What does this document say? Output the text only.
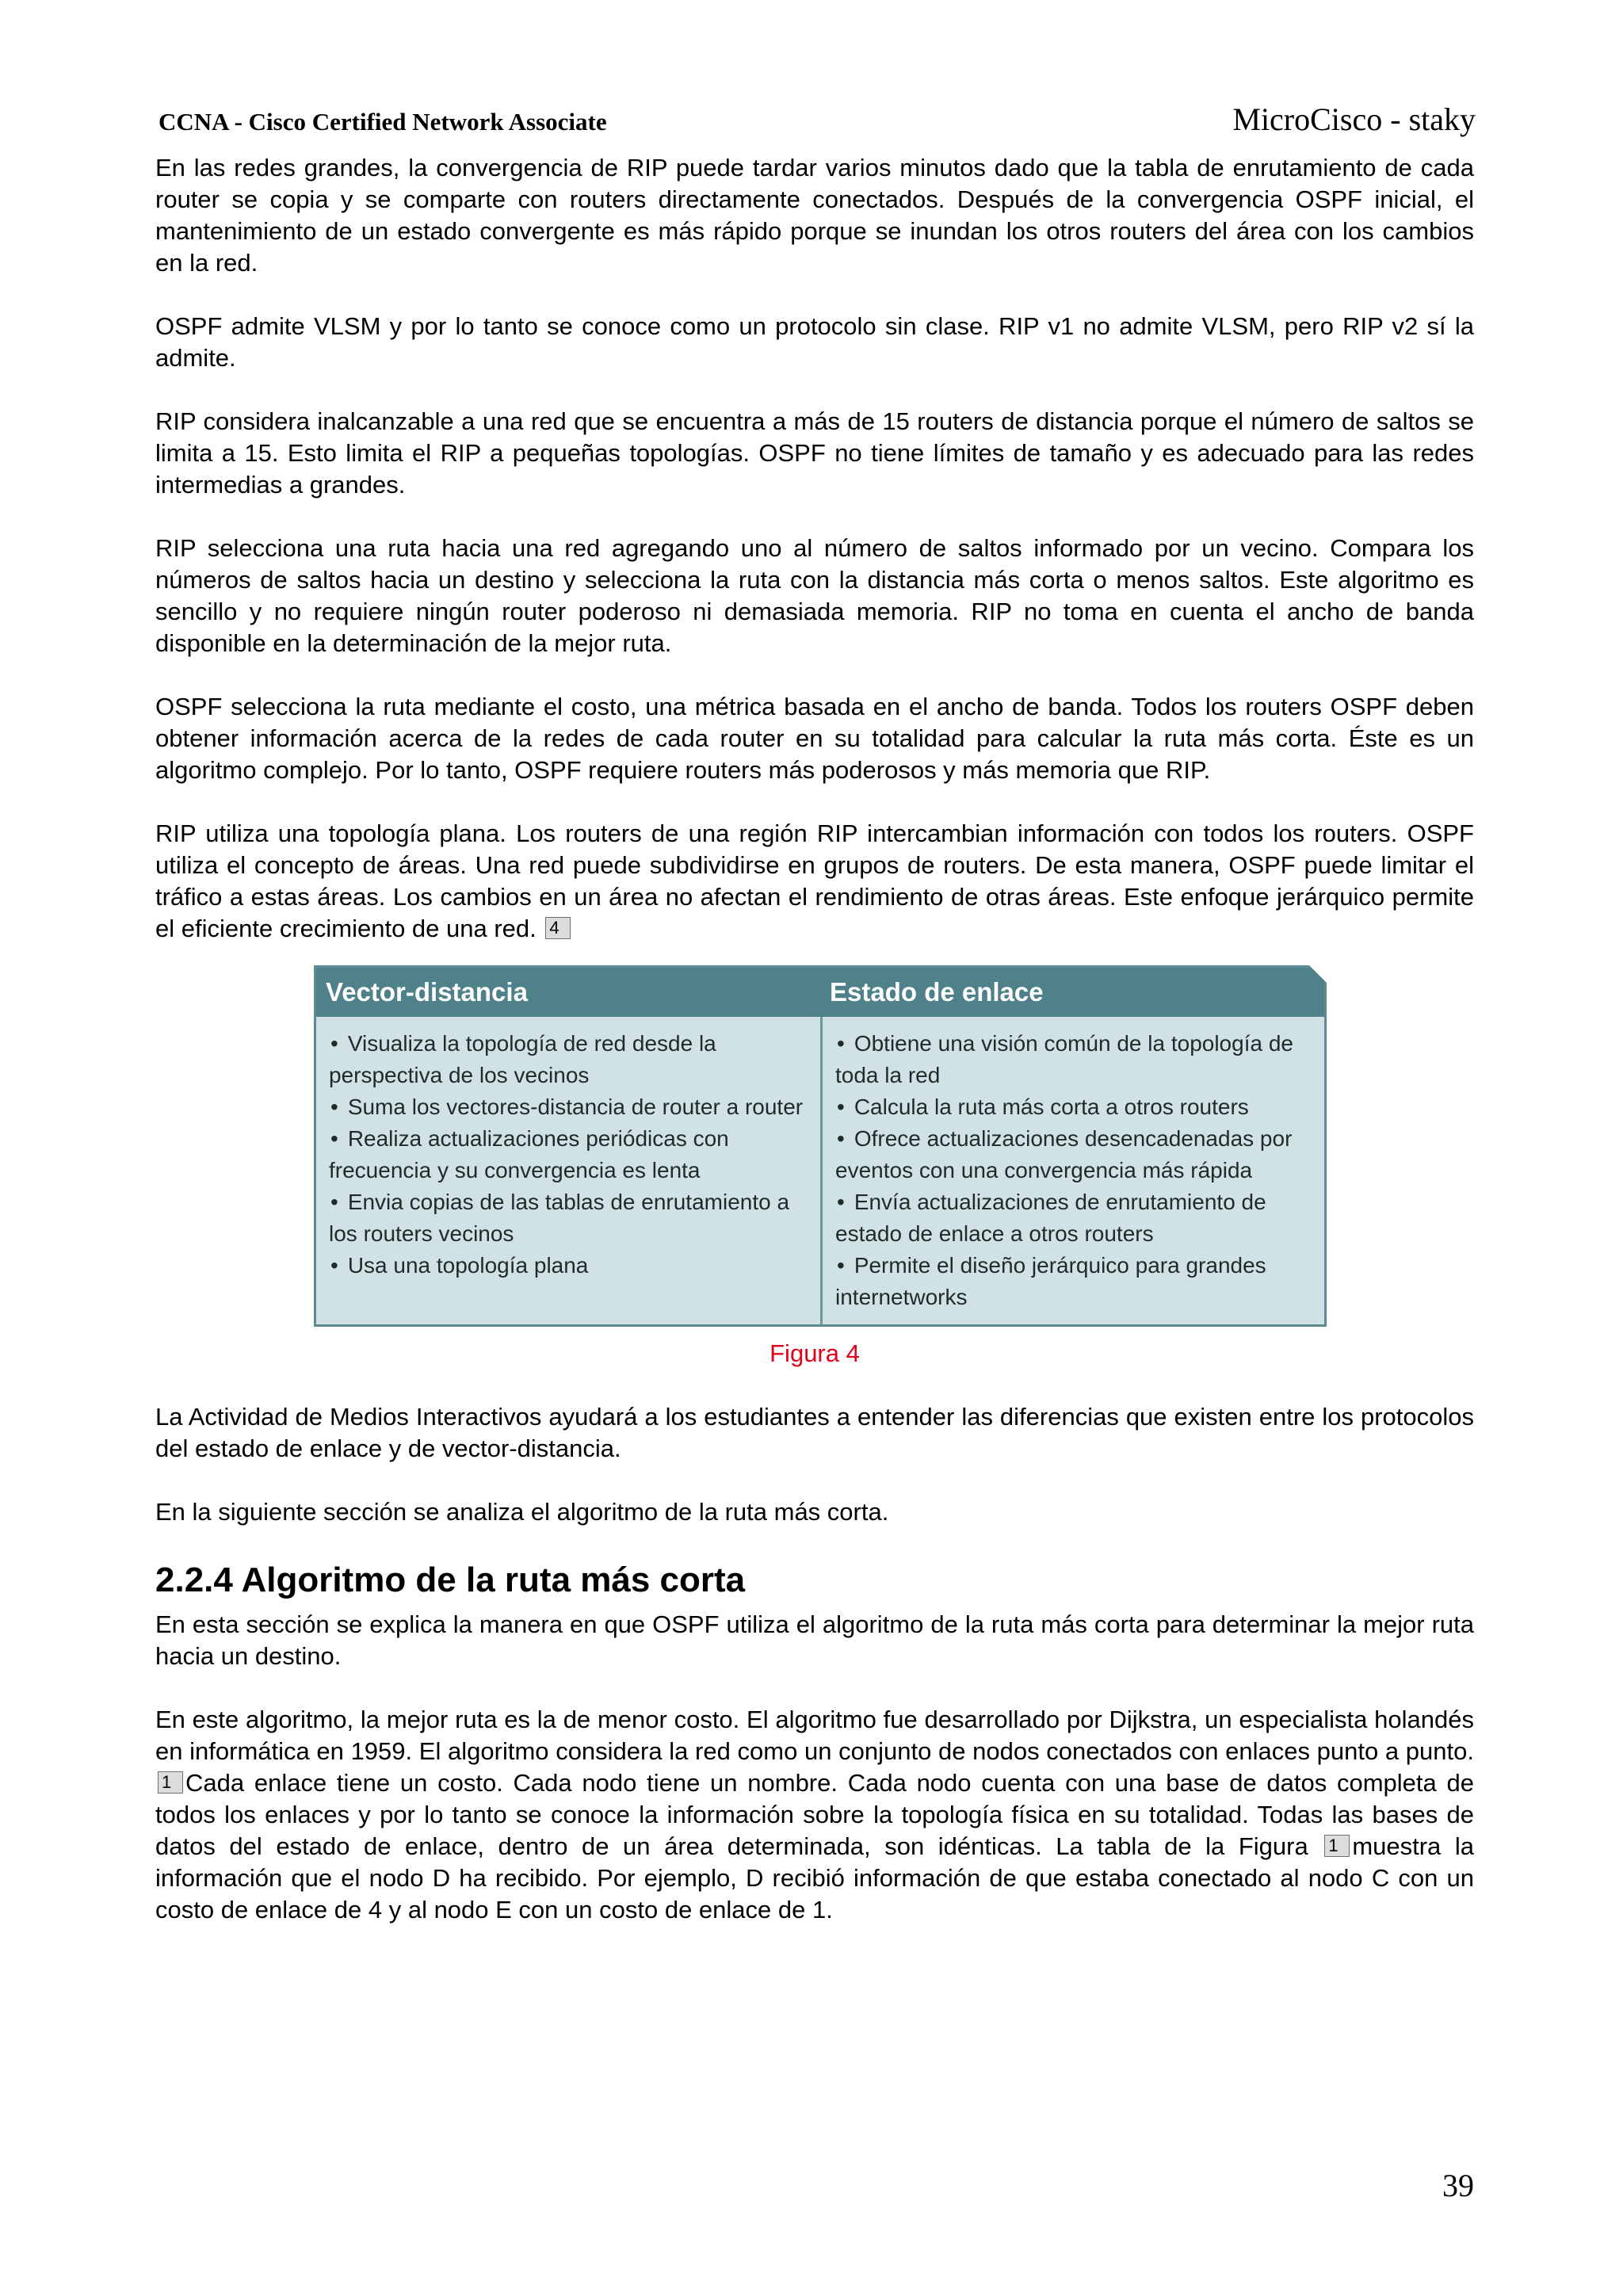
CCNA - Cisco Certified Network Associate	MicroCisco - staky

En las redes grandes, la convergencia de RIP puede tardar varios minutos dado que la tabla de enrutamiento de cada router se copia y se comparte con routers directamente conectados. Después de la convergencia OSPF inicial, el mantenimiento de un estado convergente es más rápido porque se inundan los otros routers del área con los cambios en la red.

OSPF admite VLSM y por lo tanto se conoce como un protocolo sin clase. RIP v1 no admite VLSM, pero RIP v2 sí la admite.

RIP considera inalcanzable a una red que se encuentra a más de 15 routers de distancia porque el número de saltos se limita a 15. Esto limita el RIP a pequeñas topologías. OSPF no tiene límites de tamaño y es adecuado para las redes intermedias a grandes.

RIP selecciona una ruta hacia una red agregando uno al número de saltos informado por un vecino. Compara los números de saltos hacia un destino y selecciona la ruta con la distancia más corta o menos saltos. Este algoritmo es sencillo y no requiere ningún router poderoso ni demasiada memoria. RIP no toma en cuenta el ancho de banda disponible en la determinación de la mejor ruta.

OSPF selecciona la ruta mediante el costo, una métrica basada en el ancho de banda. Todos los routers OSPF deben obtener información acerca de la redes de cada router en su totalidad para calcular la ruta más corta. Éste es un algoritmo complejo. Por lo tanto, OSPF requiere routers más poderosos y más memoria que RIP.

RIP utiliza una topología plana. Los routers de una región RIP intercambian información con todos los routers. OSPF utiliza el concepto de áreas. Una red puede subdividirse en grupos de routers. De esta manera, OSPF puede limitar el tráfico a estas áreas. Los cambios en un área no afectan el rendimiento de otras áreas. Este enfoque jerárquico permite el eficiente crecimiento de una red. 4

Vector-distancia	Estado de enlace

• Visualiza la topología de red desde la perspectiva de los vecinos

• Suma los vectores-distancia de router a router

• Realiza actualizaciones periódicas con frecuencia y su convergencia es lenta

• Envia copias de las tablas de enrutamiento a los routers vecinos

• Usa una topología plana

• Obtiene una visión común de la topología de toda la red

• Calcula la ruta más corta a otros routers

• Ofrece actualizaciones desencadenadas por eventos con una convergencia más rápida

• Envía actualizaciones de enrutamiento de estado de enlace a otros routers

• Permite el diseño jerárquico para grandes internetworks

Figura 4

La Actividad de Medios Interactivos ayudará a los estudiantes a entender las diferencias que existen entre los protocolos del estado de enlace y de vector-distancia.

En la siguiente sección se analiza el algoritmo de la ruta más corta.

2.2.4 Algoritmo de la ruta más corta

En esta sección se explica la manera en que OSPF utiliza el algoritmo de la ruta más corta para determinar la mejor ruta hacia un destino.

En este algoritmo, la mejor ruta es la de menor costo. El algoritmo fue desarrollado por Dijkstra, un especialista holandés en informática en 1959. El algoritmo considera la red como un conjunto de nodos conectados con enlaces punto a punto.1 Cada enlace tiene un costo. Cada nodo tiene un nombre. Cada nodo cuenta con una base de datos completa de todos los enlaces y por lo tanto se conoce la información sobre la topología física en su totalidad. Todas las bases de datos del estado de enlace, dentro de un área determinada, son idénticas. La tabla de la Figura 1 muestra la información que el nodo D ha recibido. Por ejemplo, D recibió información de que estaba conectado al nodo C con un costo de enlace de 4 y al nodo E con un costo de enlace de 1.

39
